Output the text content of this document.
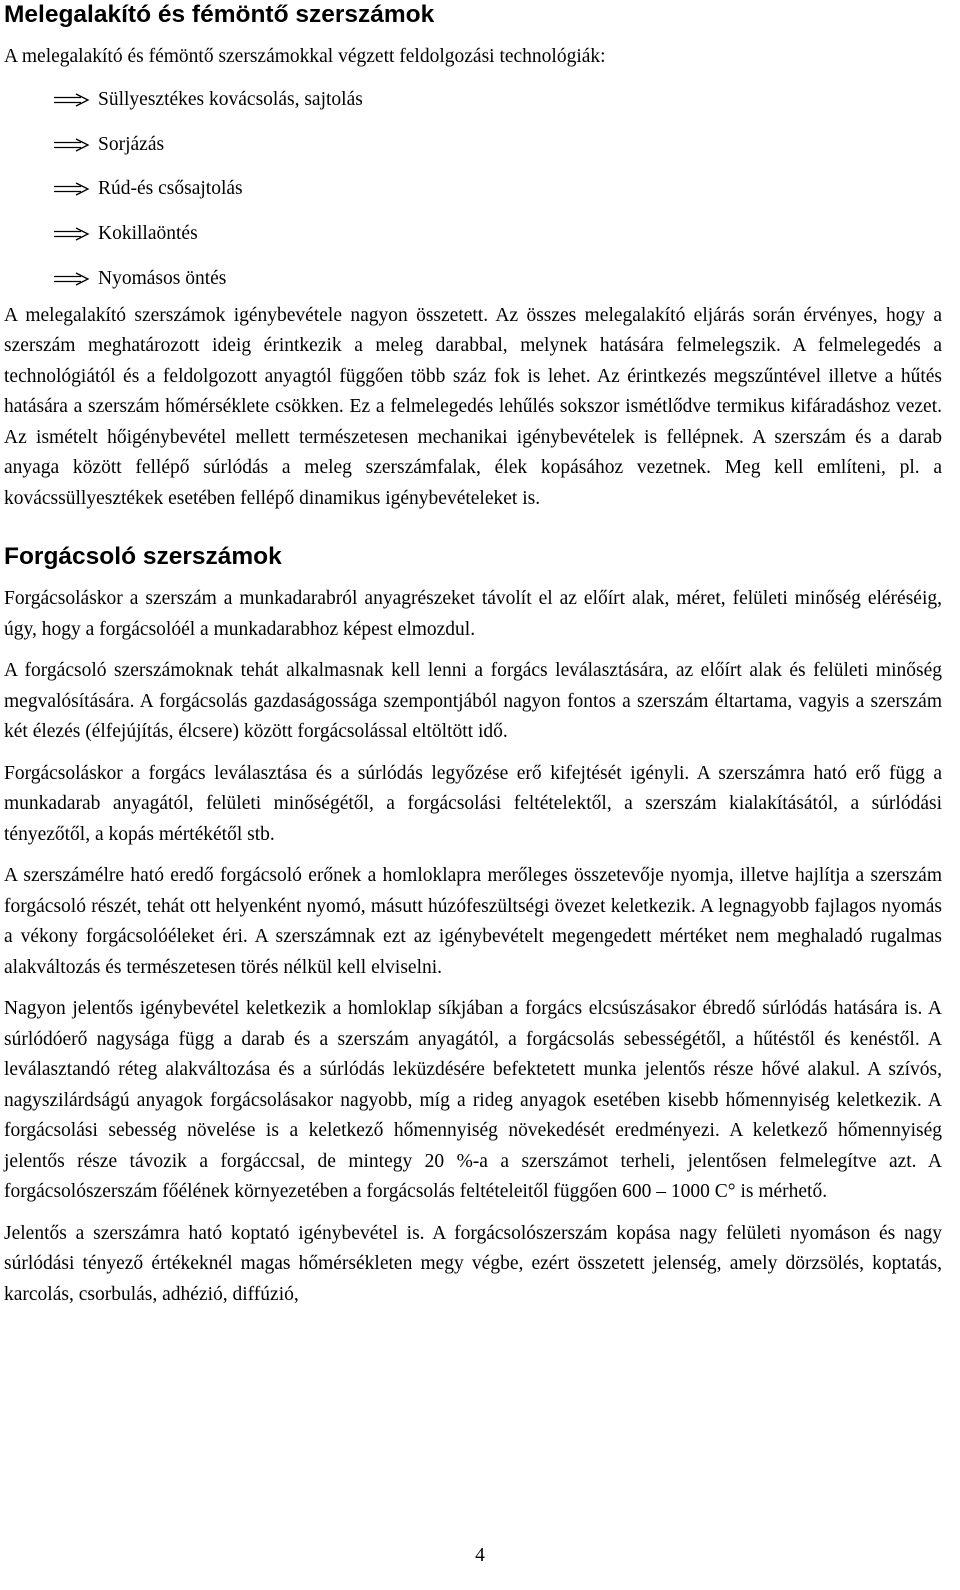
Melegalakító és fémöntő szerszámok

A melegalakító és fémöntő szerszámokkal végzett feldolgozási technológiák:

Süllyesztékes kovácsolás, sajtolás
Sorjázás
Rúd-és csősajtolás
Kokillaöntés
Nyomásos öntés

A melegalakító szerszámok igénybevétele nagyon összetett. Az összes melegalakító eljárás során érvényes, hogy a szerszám meghatározott ideig érintkezik a meleg darabbal, melynek hatására felmelegszik. A felmelegedés a technológiától és a feldolgozott anyagtól függően több száz fok is lehet. Az érintkezés megszűntével illetve a hűtés hatására a szerszám hőmérséklete csökken. Ez a felmelegedés lehűlés sokszor ismétlődve termikus kifáradáshoz vezet. Az ismételt hőigénybevétel mellett természetesen mechanikai igénybevételek is fellépnek. A szerszám és a darab anyaga között fellépő súrlódás a meleg szerszámfalak, élek kopásához vezetnek. Meg kell említeni, pl. a kovácssüllyesztékek esetében fellépő dinamikus igénybevételeket is.

Forgácsoló szerszámok

Forgácsoláskor a szerszám a munkadarabról anyagrészeket távolít el az előírt alak, méret, felületi minőség eléréséig, úgy, hogy a forgácsolóél a munkadarabhoz képest elmozdul.

A forgácsoló szerszámoknak tehát alkalmasnak kell lenni a forgács leválasztására, az előírt alak és felületi minőség megvalósítására. A forgácsolás gazdaságossága szempontjából nagyon fontos a szerszám éltartama, vagyis a szerszám két élezés (élfejújítás, élcsere) között forgácsolással eltöltött idő.

Forgácsoláskor a forgács leválasztása és a súrlódás legyőzése erő kifejtését igényli. A szerszámra ható erő függ a munkadarab anyagától, felületi minőségétől, a forgácsolási feltételektől, a szerszám kialakításától, a súrlódási tényezőtől, a kopás mértékétől stb.

A szerszámélre ható eredő forgácsoló erőnek a homloklapra merőleges összetevője nyomja, illetve hajlítja a szerszám forgácsoló részét, tehát ott helyenként nyomó, másutt húzófeszültségi övezet keletkezik. A legnagyobb fajlagos nyomás a vékony forgácsolóéleket éri. A szerszámnak ezt az igénybevételt megengedett mértéket nem meghaladó rugalmas alakváltozás és természetesen törés nélkül kell elviselni.

Nagyon jelentős igénybevétel keletkezik a homloklap síkjában a forgács elcsúszásakor ébredő súrlódás hatására is. A súrlódóerő nagysága függ a darab és a szerszám anyagától, a forgácsolás sebességétől, a hűtéstől és kenéstől. A leválasztandó réteg alakváltozása és a súrlódás leküzdésére befektetett munka jelentős része hővé alakul. A szívós, nagyszilárdságú anyagok forgácsolásakor nagyobb, míg a rideg anyagok esetében kisebb hőmennyiség keletkezik. A forgácsolási sebesség növelése is a keletkező hőmennyiség növekedését eredményezi. A keletkező hőmennyiség jelentős része távozik a forgáccsal, de mintegy 20 %-a a szerszámot terheli, jelentősen felmelegítve azt. A forgácsolószerszám főélének környezetében a forgácsolás feltételeitől függően 600 – 1000 C° is mérhető.

Jelentős a szerszámra ható koptató igénybevétel is. A forgácsolószerszám kopása nagy felületi nyomáson és nagy súrlódási tényező értékeknél magas hőmérsékleten megy végbe, ezért összetett jelenség, amely dörzsölés, koptatás, karcolás, csorbulás, adhézió, diffúzió,

4
